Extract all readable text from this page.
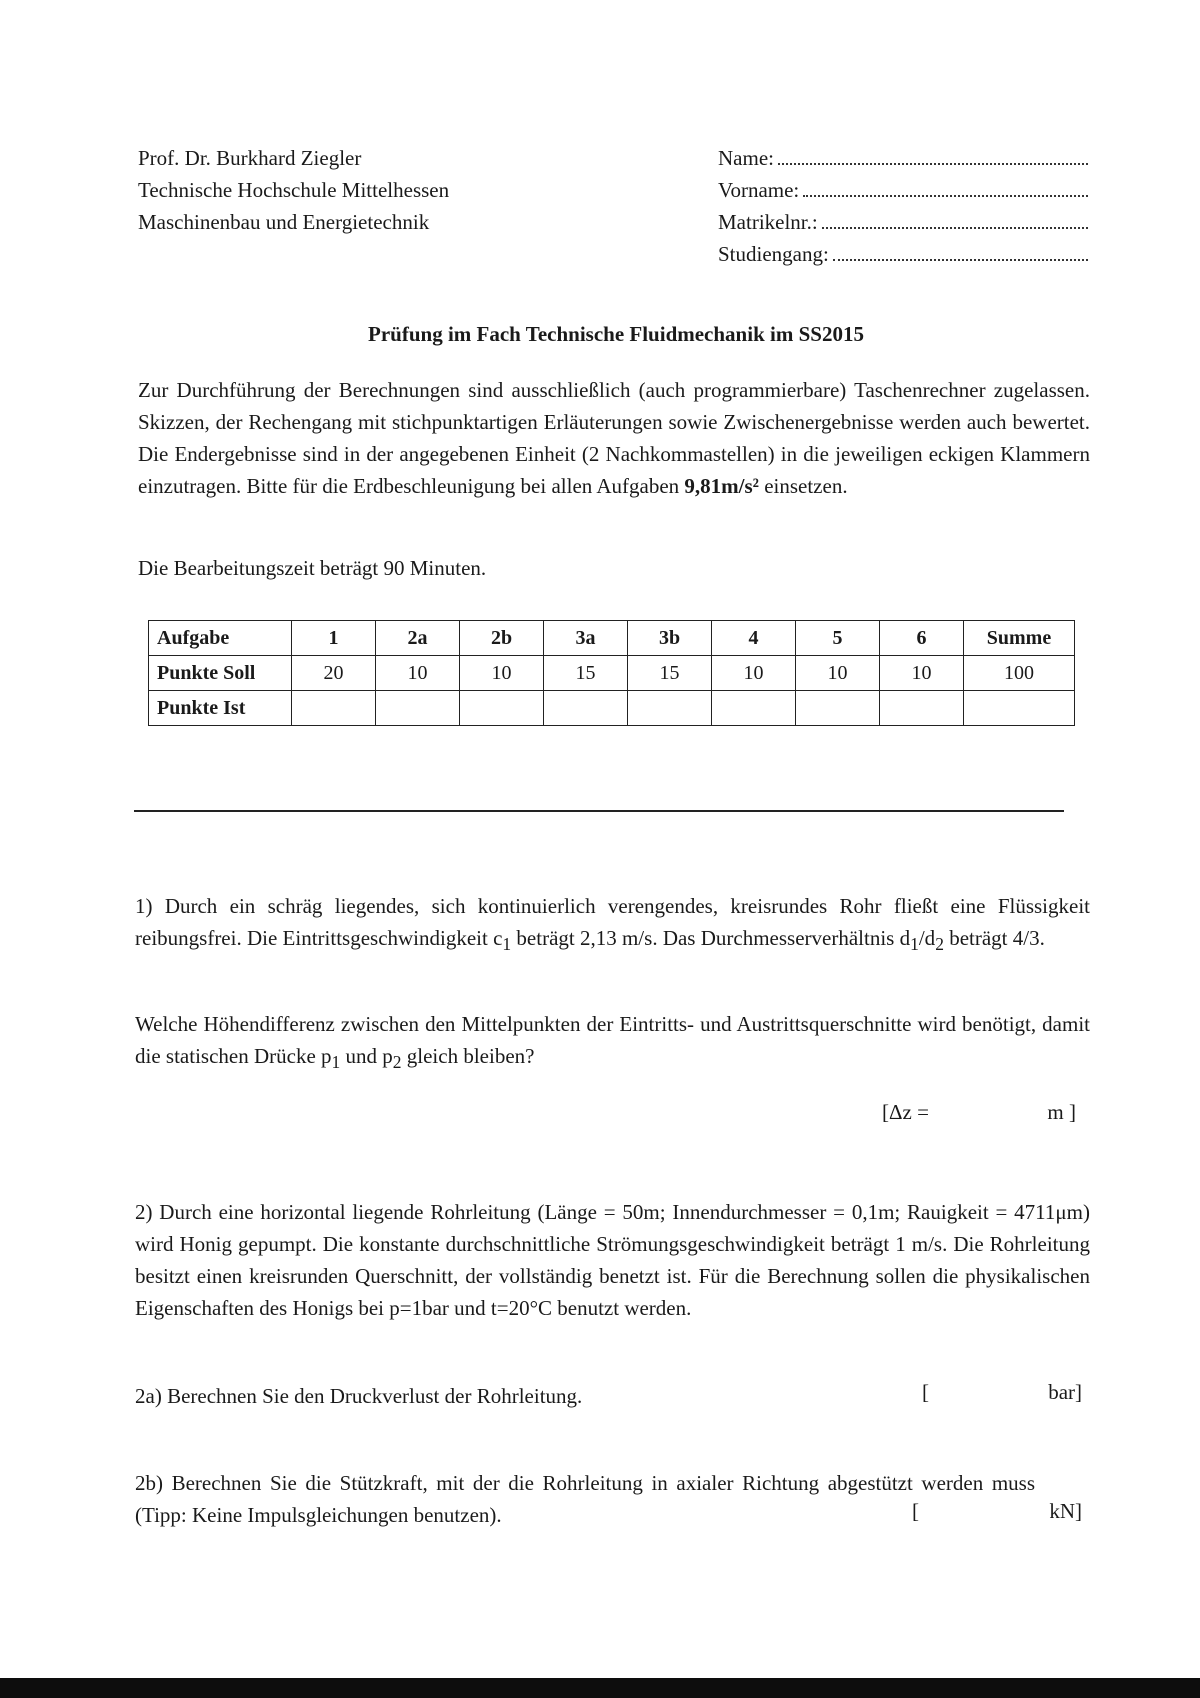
Prof. Dr. Burkhard Ziegler
Technische Hochschule Mittelhessen
Maschinenbau und Energietechnik
Name:
Vorname:
Matrikelnr.:
Studiengang:
Prüfung im Fach Technische Fluidmechanik im SS2015
Zur Durchführung der Berechnungen sind ausschließlich (auch programmierbare) Taschenrechner zugelassen. Skizzen, der Rechengang mit stichpunktartigen Erläuterungen sowie Zwischenergebnisse werden auch bewertet. Die Endergebnisse sind in der angegebenen Einheit (2 Nachkommastellen) in die jeweiligen eckigen Klammern einzutragen. Bitte für die Erdbeschleunigung bei allen Aufgaben 9,81m/s² einsetzen.
Die Bearbeitungszeit beträgt 90 Minuten.
Aufgabe	1	2a	2b	3a	3b	4	5	6	Summe
Punkte Soll	20	10	10	15	15	10	10	10	100
Punkte Ist									
1) Durch ein schräg liegendes, sich kontinuierlich verengendes, kreisrundes Rohr fließt eine Flüssigkeit reibungsfrei. Die Eintrittsgeschwindigkeit $c_1$ beträgt 2,13 m/s. Das Durchmesserverhältnis $d_1/d_2$ beträgt 4/3.
Welche Höhendifferenz zwischen den Mittelpunkten der Eintritts- und Austrittsquerschnitte wird benötigt, damit die statischen Drücke $p_1$ und $p_2$ gleich bleiben?
[Δz =	m ]
2) Durch eine horizontal liegende Rohrleitung (Länge = 50m; Innendurchmesser = 0,1m; Rauigkeit = 4711μm) wird Honig gepumpt. Die konstante durchschnittliche Strömungsgeschwindigkeit beträgt 1 m/s. Die Rohrleitung besitzt einen kreisrunden Querschnitt, der vollständig benetzt ist. Für die Berechnung sollen die physikalischen Eigenschaften des Honigs bei p=1bar und t=20°C benutzt werden.
2a) Berechnen Sie den Druckverlust der Rohrleitung.	[	bar]
2b) Berechnen Sie die Stützkraft, mit der die Rohrleitung in axialer Richtung abgestützt werden muss (Tipp: Keine Impulsgleichungen benutzen).	[	kN]
